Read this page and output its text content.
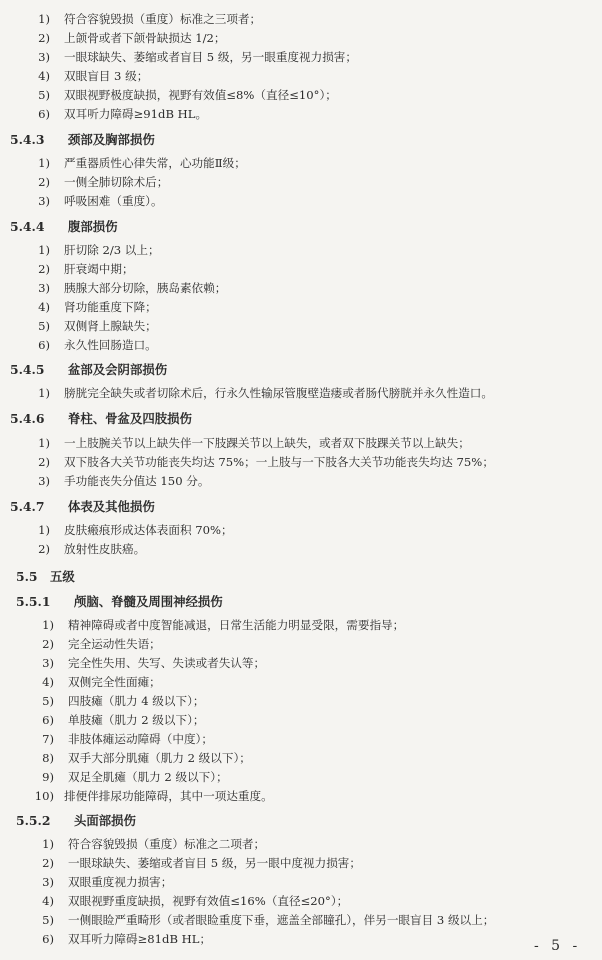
1) 符合容貌毁损（重度）标准之三项者；
2) 上颌骨或者下颌骨缺损达 1/2；
3) 一眼球缺失、萎缩或者盲目 5 级，另一眼重度视力损害；
4) 双眼盲目 3 级；
5) 双眼视野极度缺损，视野有效值≤8%（直径≤10°）；
6) 双耳听力障碍≥91dB HL。
5.4.3 颈部及胸部损伤
1) 严重器质性心律失常，心功能Ⅱ级；
2) 一侧全肺切除术后；
3) 呼吸困难（重度）。
5.4.4 腹部损伤
1) 肝切除 2/3 以上；
2) 肝衰竭中期；
3) 胰腺大部分切除，胰岛素依赖；
4) 肾功能重度下降；
5) 双侧肾上腺缺失；
6) 永久性回肠造口。
5.4.5 盆部及会阴部损伤
1) 膀胱完全缺失或者切除术后，行永久性输尿管腹壁造瘘或者肠代膀胱并永久性造口。
5.4.6 脊柱、骨盆及四肢损伤
1) 一上肢腕关节以上缺失伴一下肢踝关节以上缺失，或者双下肢踝关节以上缺失；
2) 双下肢各大关节功能丧失均达 75%；一上肢与一下肢各大关节功能丧失均达 75%；
3) 手功能丧失分值达 150 分。
5.4.7 体表及其他损伤
1) 皮肤瘢痕形成达体表面积 70%；
2) 放射性皮肤癌。
5.5 五级
5.5.1 颅脑、脊髓及周围神经损伤
1) 精神障碍或者中度智能减退，日常生活能力明显受限，需要指导；
2) 完全运动性失语；
3) 完全性失用、失写、失读或者失认等；
4) 双侧完全性面瘫；
5) 四肢瘫（肌力 4 级以下）；
6) 单肢瘫（肌力 2 级以下）；
7) 非肢体瘫运动障碍（中度）；
8) 双手大部分肌瘫（肌力 2 级以下）；
9) 双足全肌瘫（肌力 2 级以下）；
10) 排便伴排尿功能障碍，其中一项达重度。
5.5.2 头面部损伤
1) 符合容貌毁损（重度）标准之二项者；
2) 一眼球缺失、萎缩或者盲目 5 级，另一眼中度视力损害；
3) 双眼重度视力损害；
4) 双眼视野重度缺损，视野有效值≤16%（直径≤20°）；
5) 一侧眼睑严重畸形（或者眼睑重度下垂，遮盖全部瞳孔），伴另一眼盲目 3 级以上；
6) 双耳听力障碍≥81dB HL；	- 5 -
